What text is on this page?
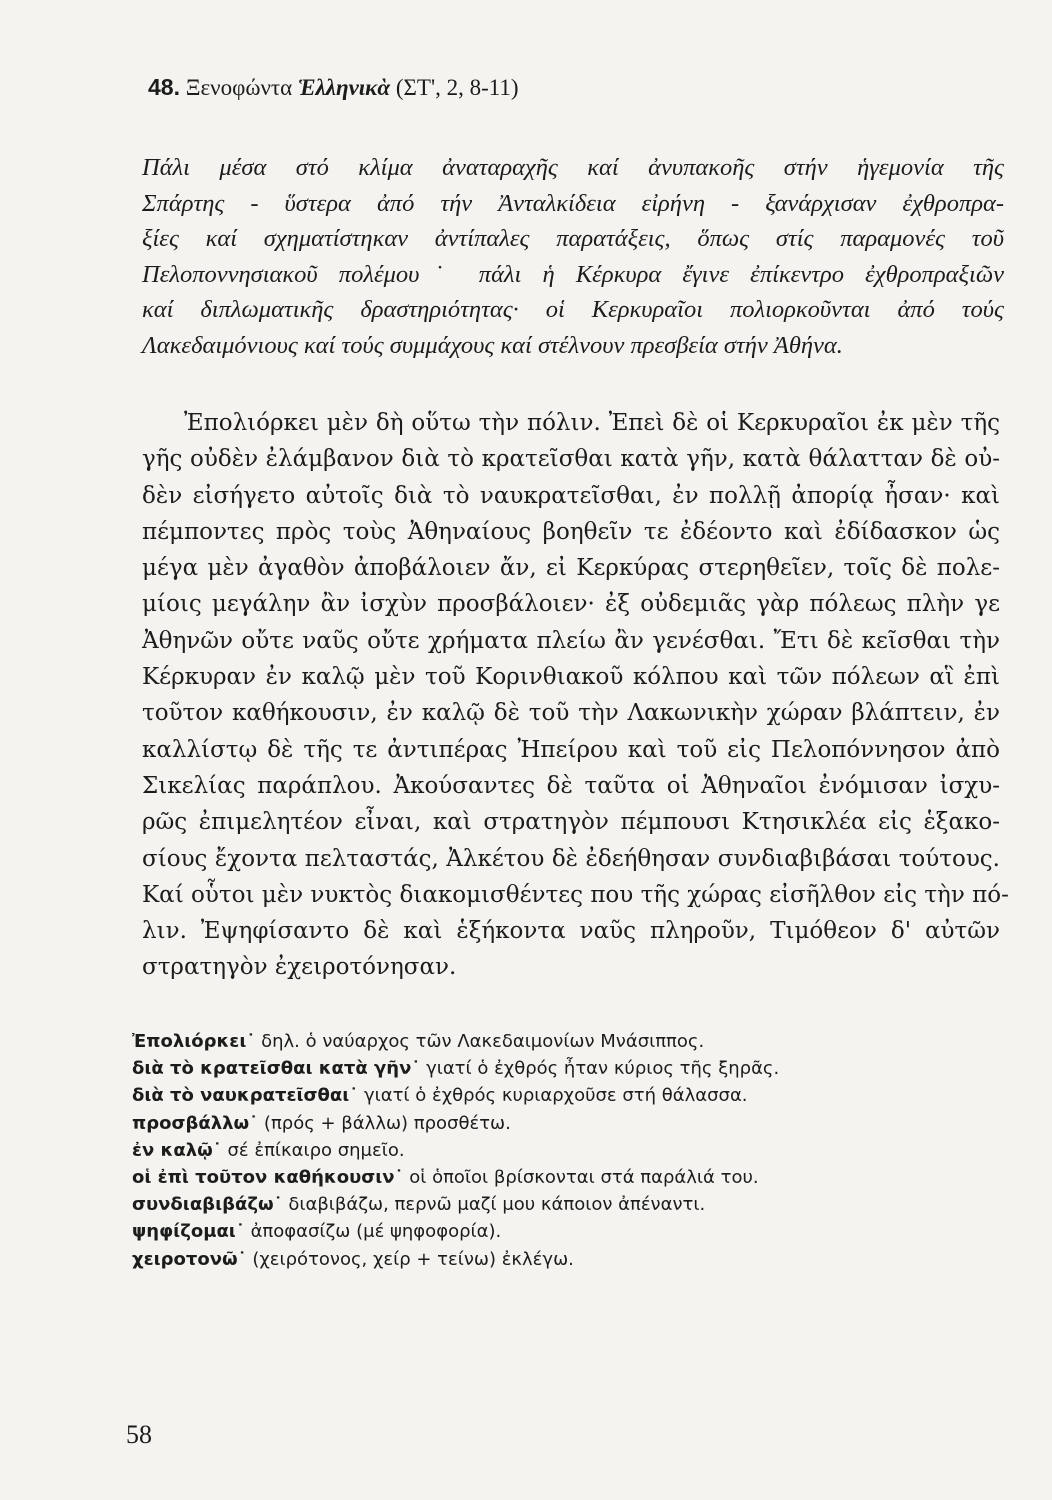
48. Ξενοφώντα Ἑλληνικὰ (ΣΤ', 2, 8-11)
Πάλι μέσα στό κλίμα ἀναταραχῆς καί ἀνυπακοῆς στήν ἡγεμονία τῆς
Σπάρτης - ὕστερα ἀπό τήν Ἀνταλκίδεια εἰρήνη - ξανάρχισαν ἐχθροπρα-
ξίες καί σχηματίστηκαν ἀντίπαλες παρατάξεις, ὅπως στίς παραμονές τοῦ
Πελοποννησιακοῦ πολέμου˙ πάλι ἡ Κέρκυρα ἔγινε ἐπίκεντρο ἐχθροπραξιῶν
καί διπλωματικῆς δραστηριότητας· οἱ Κερκυραῖοι πολιορκοῦνται ἀπό τούς
Λακεδαιμόνιους καί τούς συμμάχους καί στέλνουν πρεσβεία στήν Ἀθήνα.
Ἐπολιόρκει μὲν δὴ οὕτω τὴν πόλιν. Ἐπεὶ δὲ οἱ Κερκυραῖοι ἐκ μὲν τῆς
γῆς οὐδὲν ἐλάμβανον διὰ τὸ κρατεῖσθαι κατὰ γῆν, κατὰ θάλατταν δὲ οὐ-
δὲν εἰσήγετο αὐτοῖς διὰ τὸ ναυκρατεῖσθαι, ἐν πολλῇ ἀπορίᾳ ἦσαν· καὶ
πέμποντες πρὸς τοὺς Ἀθηναίους βοηθεῖν τε ἐδέοντο καὶ ἐδίδασκον ὡς
μέγα μὲν ἀγαθὸν ἀποβάλοιεν ἄν, εἰ Κερκύρας στερηθεῖεν, τοῖς δὲ πολε-
μίοις μεγάλην ἂν ἰσχὺν προσβάλοιεν· ἐξ οὐδεμιᾶς γὰρ πόλεως πλὴν γε
Ἀθηνῶν οὔτε ναῦς οὔτε χρήματα πλείω ἂν γενέσθαι. Ἔτι δὲ κεῖσθαι τὴν
Κέρκυραν ἐν καλῷ μὲν τοῦ Κορινθιακοῦ κόλπου καὶ τῶν πόλεων αἳ ἐπὶ
τοῦτον καθήκουσιν, ἐν καλῷ δὲ τοῦ τὴν Λακωνικὴν χώραν βλάπτειν, ἐν
καλλίστῳ δὲ τῆς τε ἀντιπέρας Ἠπείρου καὶ τοῦ εἰς Πελοπόννησον ἀπὸ
Σικελίας παράπλου. Ἀκούσαντες δὲ ταῦτα οἱ Ἀθηναῖοι ἐνόμισαν ἰσχυ-
ρῶς ἐπιμελητέον εἶναι, καὶ στρατηγὸν πέμπουσι Κτησικλέα εἰς ἑξακο-
σίους ἔχοντα πελταστάς, Ἀλκέτου δὲ ἐδεήθησαν συνδιαβιβάσαι τούτους.
Καί οὗτοι μὲν νυκτὸς διακομισθέντες που τῆς χώρας εἰσῆλθον εἰς τὴν πό-
λιν. Ἐψηφίσαντο δὲ καὶ ἑξήκοντα ναῦς πληροῦν, Τιμόθεον δ' αὐτῶν
στρατηγὸν ἐχειροτόνησαν.
Ἐπολιόρκει˙ δηλ. ὁ ναύαρχος τῶν Λακεδαιμονίων Μνάσιππος.
διὰ τὸ κρατεῖσθαι κατὰ γῆν˙ γιατί ὁ ἐχθρός ἦταν κύριος τῆς ξηρᾶς.
διὰ τὸ ναυκρατεῖσθαι˙ γιατί ὁ ἐχθρός κυριαρχοῦσε στή θάλασσα.
προσβάλλω˙ (πρός + βάλλω) προσθέτω.
ἐν καλῷ˙ σέ ἐπίκαιρο σημεῖο.
οἱ ἐπὶ τοῦτον καθήκουσιν˙ οἱ ὁποῖοι βρίσκονται στά παράλιά του.
συνδιαβιβάζω˙ διαβιβάζω, περνῶ μαζί μου κάποιον ἀπέναντι.
ψηφίζομαι˙ ἀποφασίζω (μέ ψηφοφορία).
χειροτονῶ˙ (χειρότονος, χείρ + τείνω) ἐκλέγω.
58
